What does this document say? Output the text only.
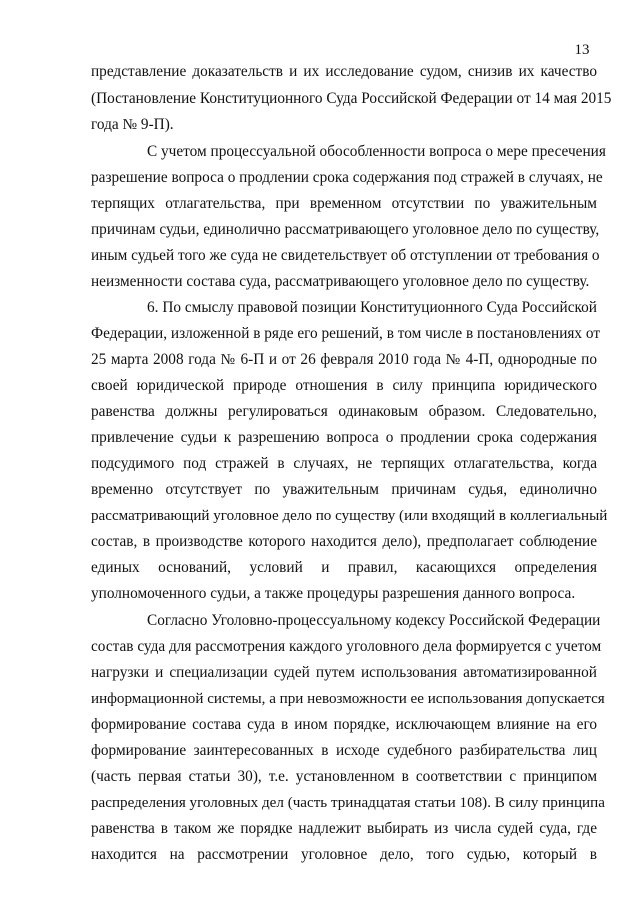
13
представление доказательств и их исследование судом, снизив их качество
(Постановление Конституционного Суда Российской Федерации от 14 мая 2015
года № 9-П).
С учетом процессуальной обособленности вопроса о мере пресечения
разрешение вопроса о продлении срока содержания под стражей в случаях, не
терпящих отлагательства, при временном отсутствии по уважительным
причинам судьи, единолично рассматривающего уголовное дело по существу,
иным судьей того же суда не свидетельствует об отступлении от требования о
неизменности состава суда, рассматривающего уголовное дело по существу.
6. По смыслу правовой позиции Конституционного Суда Российской
Федерации, изложенной в ряде его решений, в том числе в постановлениях от
25 марта 2008 года № 6-П и от 26 февраля 2010 года № 4-П, однородные по
своей юридической природе отношения в силу принципа юридического
равенства должны регулироваться одинаковым образом. Следовательно,
привлечение судьи к разрешению вопроса о продлении срока содержания
подсудимого под стражей в случаях, не терпящих отлагательства, когда
временно отсутствует по уважительным причинам судья, единолично
рассматривающий уголовное дело по существу (или входящий в коллегиальный
состав, в производстве которого находится дело), предполагает соблюдение
единых оснований, условий и правил, касающихся определения
уполномоченного судьи, а также процедуры разрешения данного вопроса.
Согласно Уголовно-процессуальному кодексу Российской Федерации
состав суда для рассмотрения каждого уголовного дела формируется с учетом
нагрузки и специализации судей путем использования автоматизированной
информационной системы, а при невозможности ее использования допускается
формирование состава суда в ином порядке, исключающем влияние на его
формирование заинтересованных в исходе судебного разбирательства лиц
(часть первая статьи 30), т.е. установленном в соответствии с принципом
распределения уголовных дел (часть тринадцатая статьи 108). В силу принципа
равенства в таком же порядке надлежит выбирать из числа судей суда, где
находится на рассмотрении уголовное дело, того судью, который в
